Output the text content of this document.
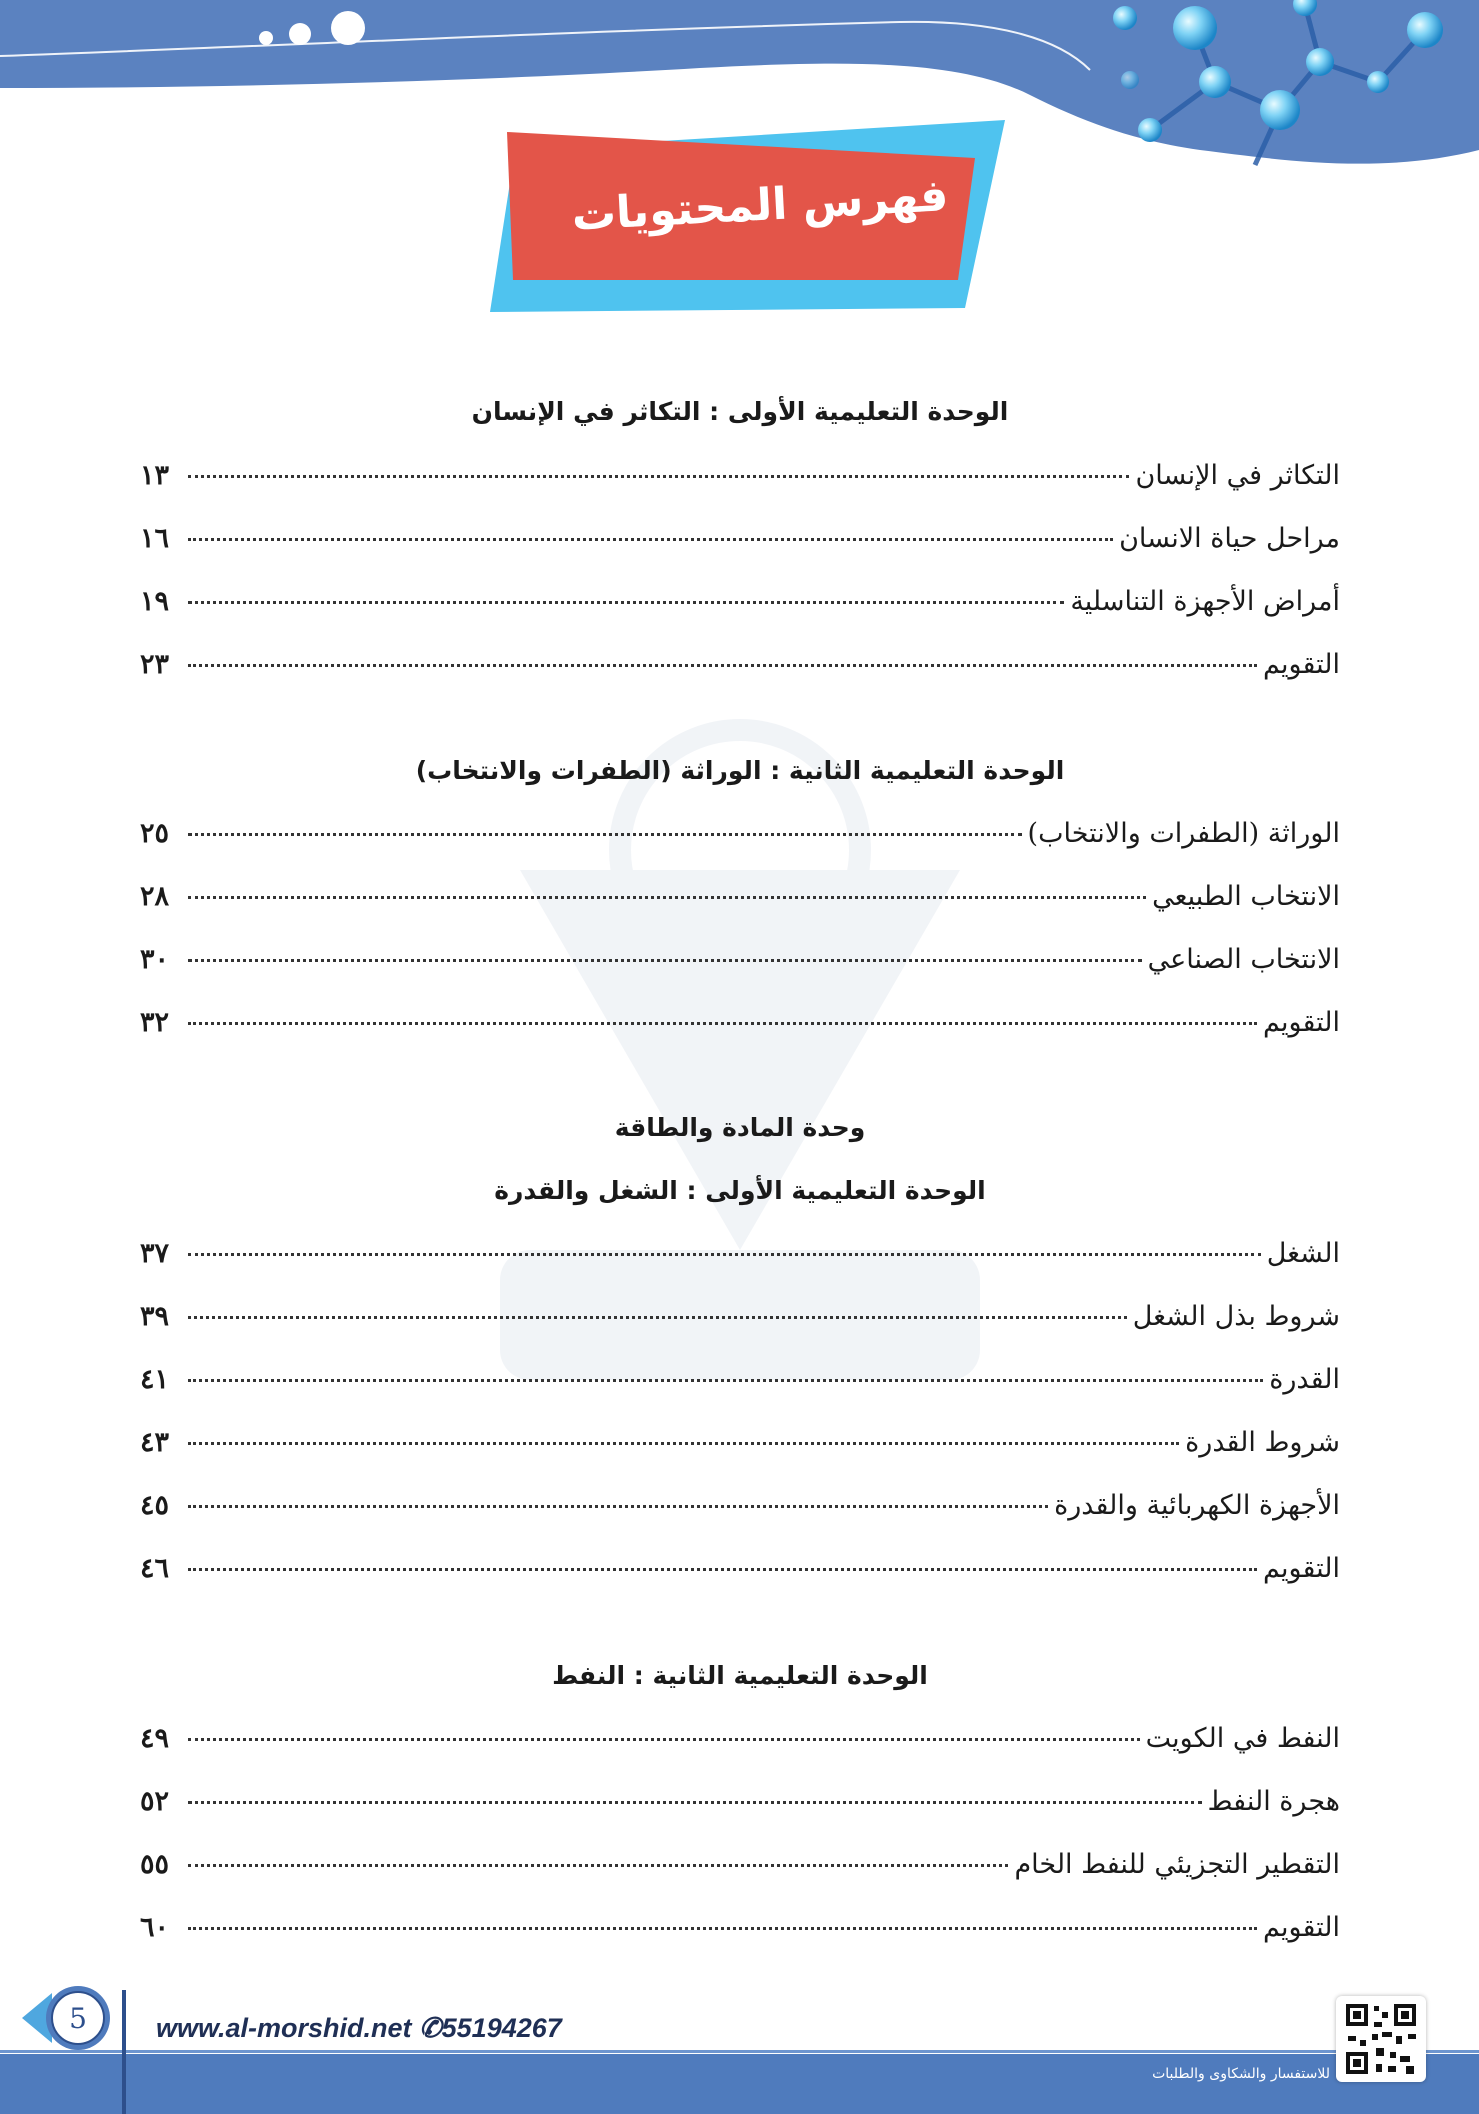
فهرس المحتويات
الوحدة التعليمية الأولى : التكاثر في الإنسان
التكاثر في الإنسان
١٣
مراحل حياة الانسان
١٦
أمراض الأجهزة التناسلية
١٩
التقويم
٢٣
الوحدة التعليمية الثانية : الوراثة (الطفرات والانتخاب)
الوراثة (الطفرات والانتخاب)
٢٥
الانتخاب الطبيعي
٢٨
الانتخاب الصناعي
٣٠
التقويم
٣٢
وحدة المادة والطاقة
الوحدة التعليمية الأولى : الشغل والقدرة
الشغل
٣٧
شروط بذل الشغل
٣٩
القدرة
٤١
شروط القدرة
٤٣
الأجهزة الكهربائية والقدرة
٤٥
التقويم
٤٦
الوحدة التعليمية الثانية : النفط
النفط في الكويت
٤٩
هجرة النفط
٥٢
التقطير التجزيئي للنفط الخام
٥٥
التقويم
٦٠
5	www.al-morshid.net ✆55194267
للاستفسار والشكاوى والطلبات
